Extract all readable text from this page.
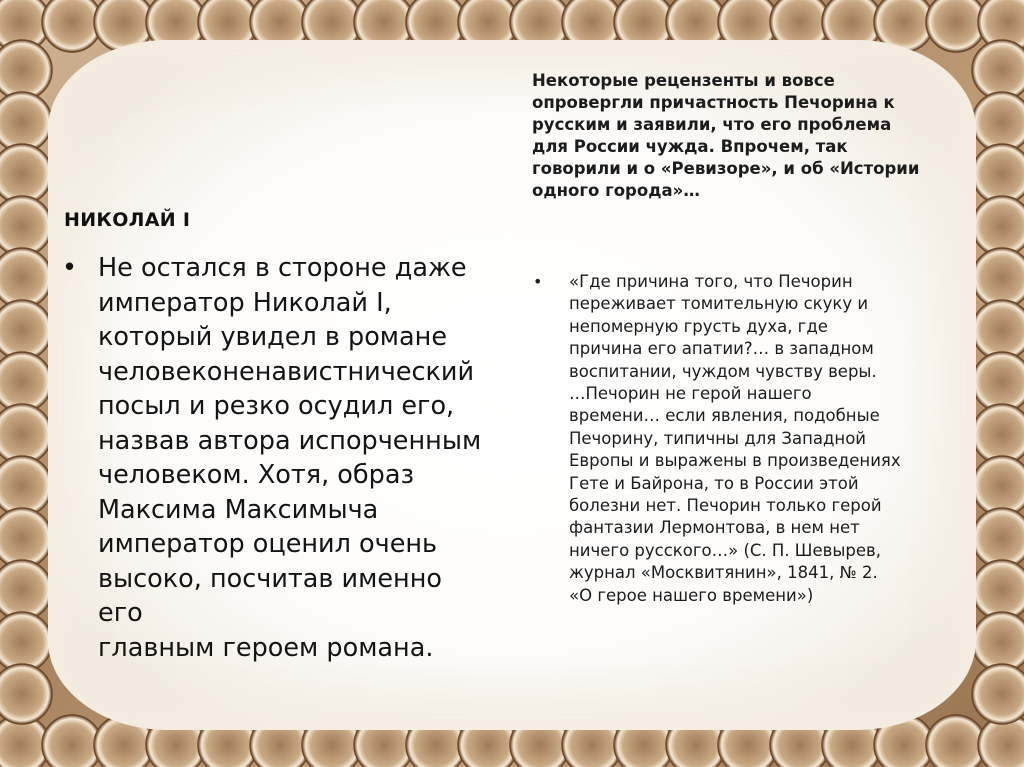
НИКОЛАЙ I
• Не остался в стороне даже
император Николай I,
который увидел в романе
человеконенавистнический
посыл и резко осудил его,
назвав автора испорченным
человеком. Хотя, образ
Максима Максимыча
император оценил очень
высоко, посчитав именно его
главным героем романа.

Некоторые рецензенты и вовсе
опровергли причастность Печорина к
русским и заявили, что его проблема
для России чужда. Впрочем, так
говорили и о «Ревизоре», и об «Истории
одного города»…

•	«Где причина того, что Печорин
переживает томительную скуку и
непомерную грусть духа, где
причина его апатии?… в западном
воспитании, чуждом чувству веры.
…Печорин не герой нашего
времени… если явления, подобные
Печорину, типичны для Западной
Европы и выражены в произведениях
Гете и Байрона, то в России этой
болезни нет. Печорин только герой
фантазии Лермонтова, в нем нет
ничего русского…» (С. П. Шевырев,
журнал «Москвитянин», 1841, № 2.
«О герое нашего времени»)
